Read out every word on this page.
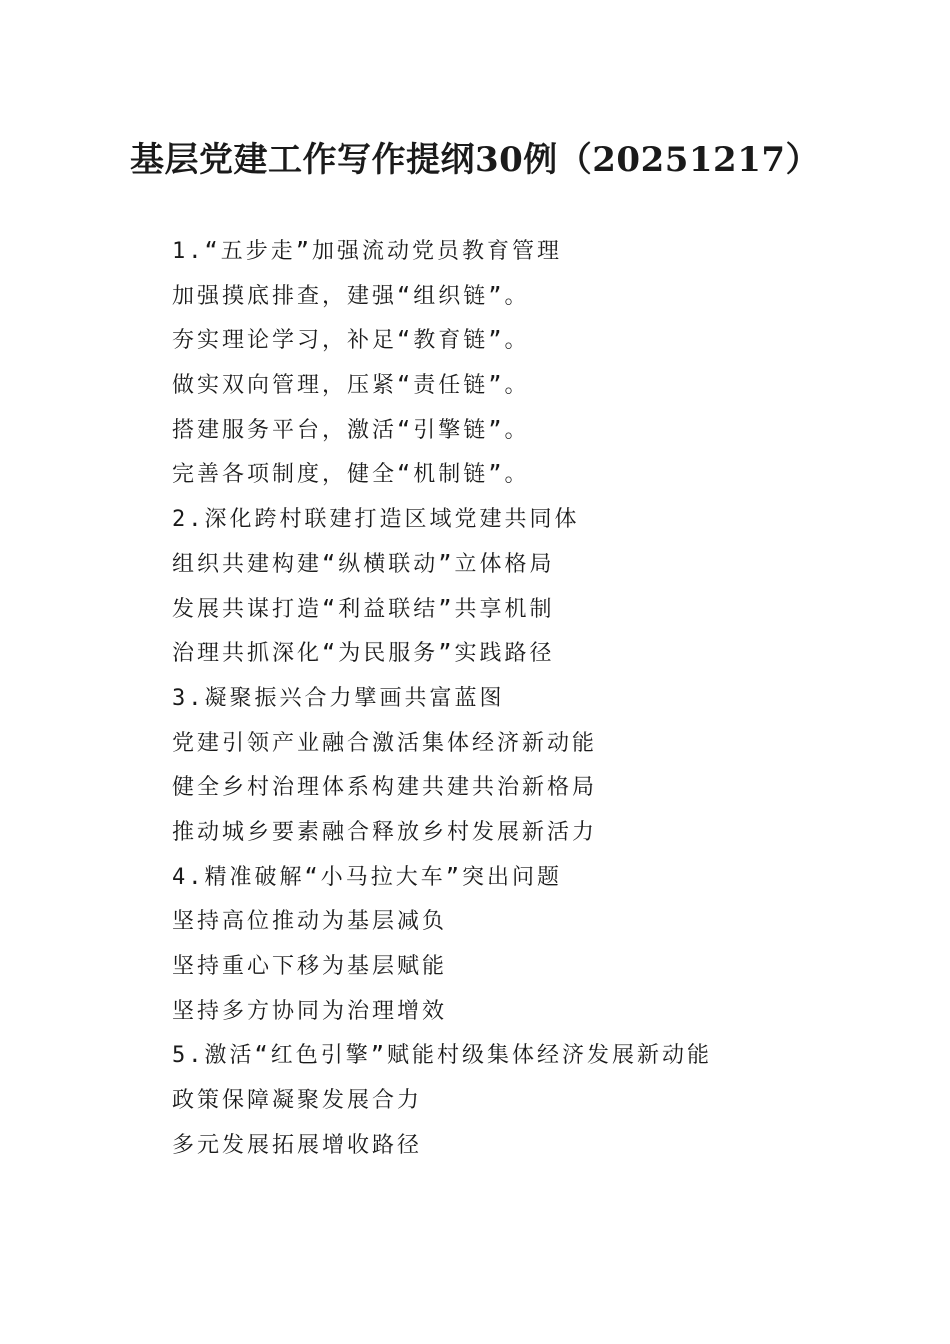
基层党建工作写作提纲30例（20251217）
1.“五步走”加强流动党员教育管理
加强摸底排查，建强“组织链”。
夯实理论学习，补足“教育链”。
做实双向管理，压紧“责任链”。
搭建服务平台，激活“引擎链”。
完善各项制度，健全“机制链”。
2.深化跨村联建打造区域党建共同体
组织共建构建“纵横联动”立体格局
发展共谋打造“利益联结”共享机制
治理共抓深化“为民服务”实践路径
3.凝聚振兴合力擘画共富蓝图
党建引领产业融合激活集体经济新动能
健全乡村治理体系构建共建共治新格局
推动城乡要素融合释放乡村发展新活力
4.精准破解“小马拉大车”突出问题
坚持高位推动为基层减负
坚持重心下移为基层赋能
坚持多方协同为治理增效
5.激活“红色引擎”赋能村级集体经济发展新动能
政策保障凝聚发展合力
多元发展拓展增收路径
